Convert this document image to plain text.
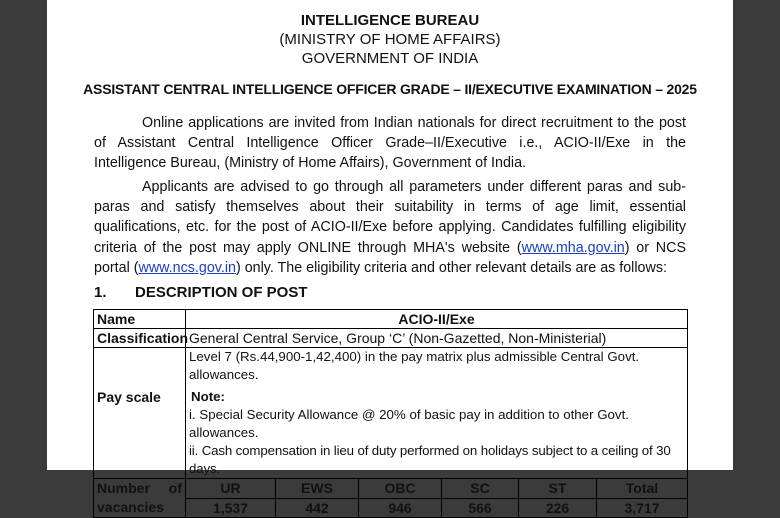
INTELLIGENCE BUREAU
(MINISTRY OF HOME AFFAIRS)
GOVERNMENT OF INDIA
ASSISTANT CENTRAL INTELLIGENCE OFFICER GRADE – II/EXECUTIVE EXAMINATION – 2025
Online applications are invited from Indian nationals for direct recruitment to the post of Assistant Central Intelligence Officer Grade–II/Executive i.e., ACIO-II/Exe in the Intelligence Bureau, (Ministry of Home Affairs), Government of India.
Applicants are advised to go through all parameters under different paras and sub-paras and satisfy themselves about their suitability in terms of age limit, essential qualifications, etc. for the post of ACIO-II/Exe before applying. Candidates fulfilling eligibility criteria of the post may apply ONLINE through MHA's website (www.mha.gov.in) or NCS portal (www.ncs.gov.in) only. The eligibility criteria and other relevant details are as follows:
1. DESCRIPTION OF POST
Name	ACIO-II/Exe					
Classification	General Central Service, Group ‘C’ (Non-Gazetted, Non-Ministerial)					
Pay scale	Level 7 (Rs.44,900-1,42,400) in the pay matrix plus admissible Central Govt. allowances.
Note:
i. Special Security Allowance @ 20% of basic pay in addition to other Govt. allowances.
ii. Cash compensation in lieu of duty performed on holidays subject to a ceiling of 30 days.					

Number of
vacancies	UR	EWS	OBC	SC	ST	Total
	1,537	442	946	566	226	3,717
